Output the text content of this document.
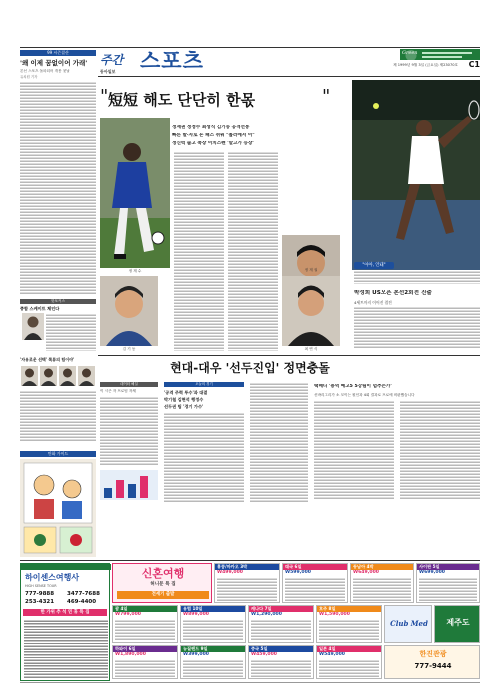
99 시즌결산
'왜 이제 꿈없이어 가래'
본선 스포츠 돌파되어 개봉 첫날
유치원 기자
핫포커스
종합 스케이트 체인다
'자유로운 선택' 쪽류의 팀이야'
만화 가이드
주간 스포츠
동아일보
제 1999년 9월 3일 (금요일) 제23070호	C1
Green
" 短短 해도 단단히 한몫	"
정재권 정정수 최성식 김기동 공격선봉
빠른 발·자로 돈 패스 쉬워 "롤러에서 이"
정신력 출고 축장 이치스펜 '말고가 등장'
정 재 수
김 기 동
정 재 권
최 연 식
"아아, 안돼"
박성희 US오픈 본선2회전 진출
4세트까지 이어진 접전
현대-대우 '선두진입' 정면충돌
데이터 해설
이 시즌 자 프로팀 자체
오늘의 경기
'공격 주력 투수'과 대결
박기철 김현석 행정수
선두권 팀 '경기 가수'
택배디 '용역 예고5 5강팀이 멈추는가'
신바리그리가 소 모이는 원인과 4회 결과로 프로에 비판했습니다
하이센스여행사
HIGH SENSE TOUR
777-9888	3477-7688
253-4321	469-4400
한 가위 추 석 연 휴 특 집
신혼여행
허니문 특 집
전세기 출발
홍콩/마카오 3박
W499,000
태국 6일
W599,000
동남아 4박
W649,000
사이판 5일
W699,000
괌 4일
W799,000
유럽 10일
W899,000
캐나다 7일
W1,290,000
호주 8일
W1,590,000
Club Med	제주도
하와이 6일
W1,890,000
뉴질랜드 9일
W399,000
중국 5일
W459,000
일본 4일
W549,000	한진관광
777-9444
